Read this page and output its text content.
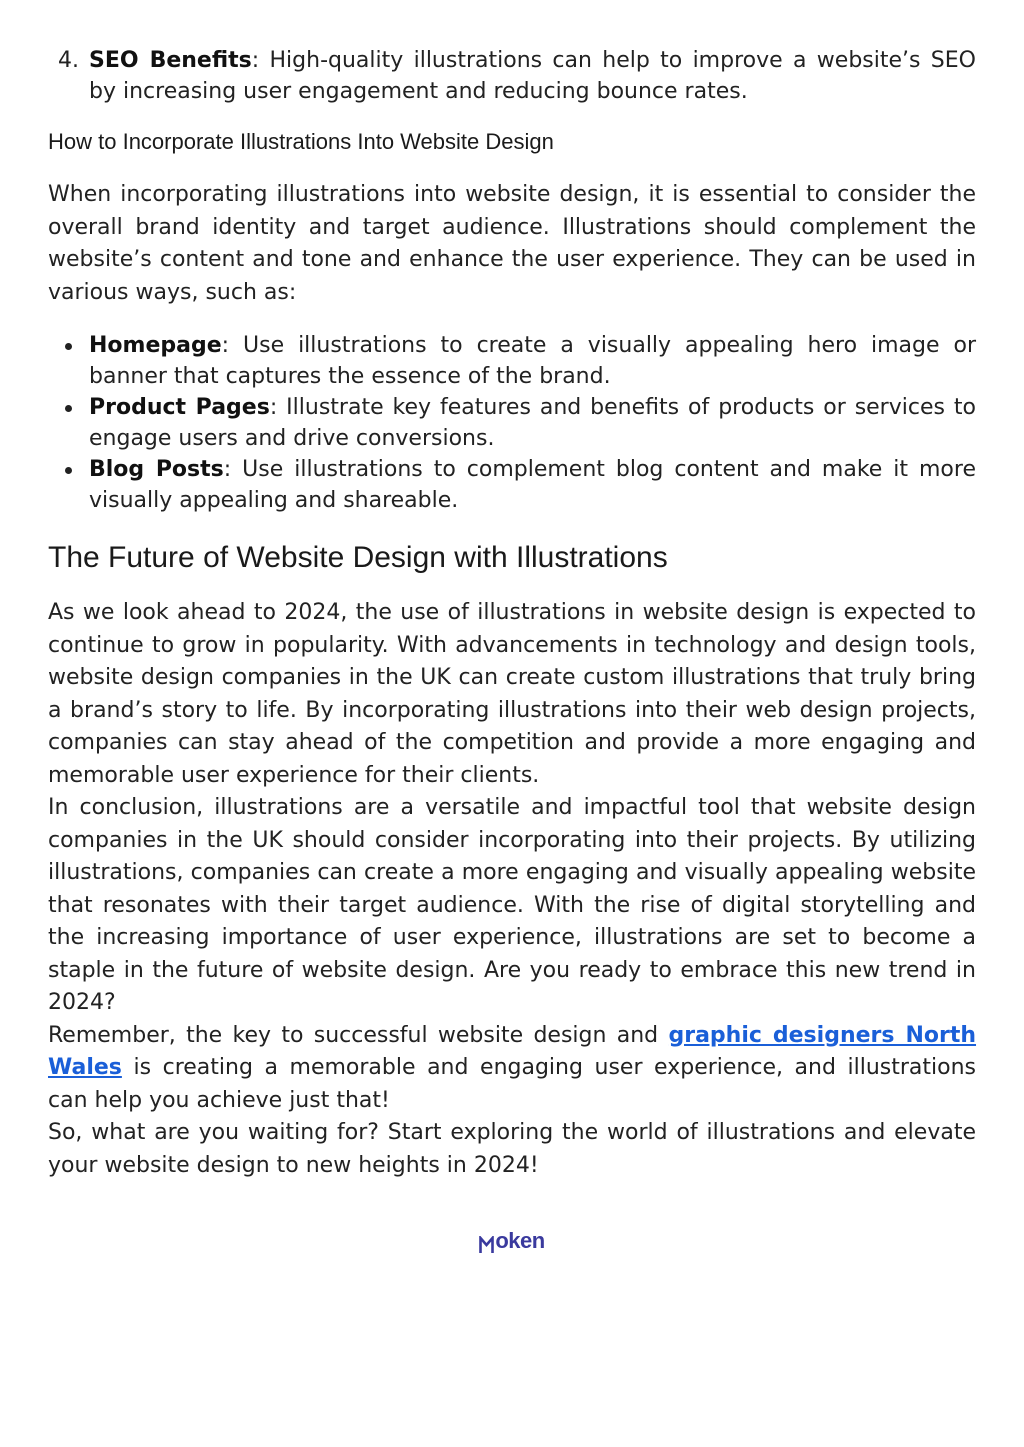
4. SEO Benefits: High-quality illustrations can help to improve a website’s SEO by increasing user engagement and reducing bounce rates.
How to Incorporate Illustrations Into Website Design

When incorporating illustrations into website design, it is essential to consider the overall brand identity and target audience. Illustrations should complement the website’s content and tone and enhance the user experience. They can be used in various ways, such as:

Homepage: Use illustrations to create a visually appealing hero image or banner that captures the essence of the brand.
Product Pages: Illustrate key features and benefits of products or services to engage users and drive conversions.
Blog Posts: Use illustrations to complement blog content and make it more visually appealing and shareable.
The Future of Website Design with Illustrations

As we look ahead to 2024, the use of illustrations in website design is expected to continue to grow in popularity. With advancements in technology and design tools, website design companies in the UK can create custom illustrations that truly bring a brand’s story to life. By incorporating illustrations into their web design projects, companies can stay ahead of the competition and provide a more engaging and memorable user experience for their clients.

In conclusion, illustrations are a versatile and impactful tool that website design companies in the UK should consider incorporating into their projects. By utilizing illustrations, companies can create a more engaging and visually appealing website that resonates with their target audience. With the rise of digital storytelling and the increasing importance of user experience, illustrations are set to become a staple in the future of website design. Are you ready to embrace this new trend in 2024?

Remember, the key to successful website design and graphic designers North Wales is creating a memorable and engaging user experience, and illustrations can help you achieve just that!

So, what are you waiting for? Start exploring the world of illustrations and elevate your website design to new heights in 2024!

oken
